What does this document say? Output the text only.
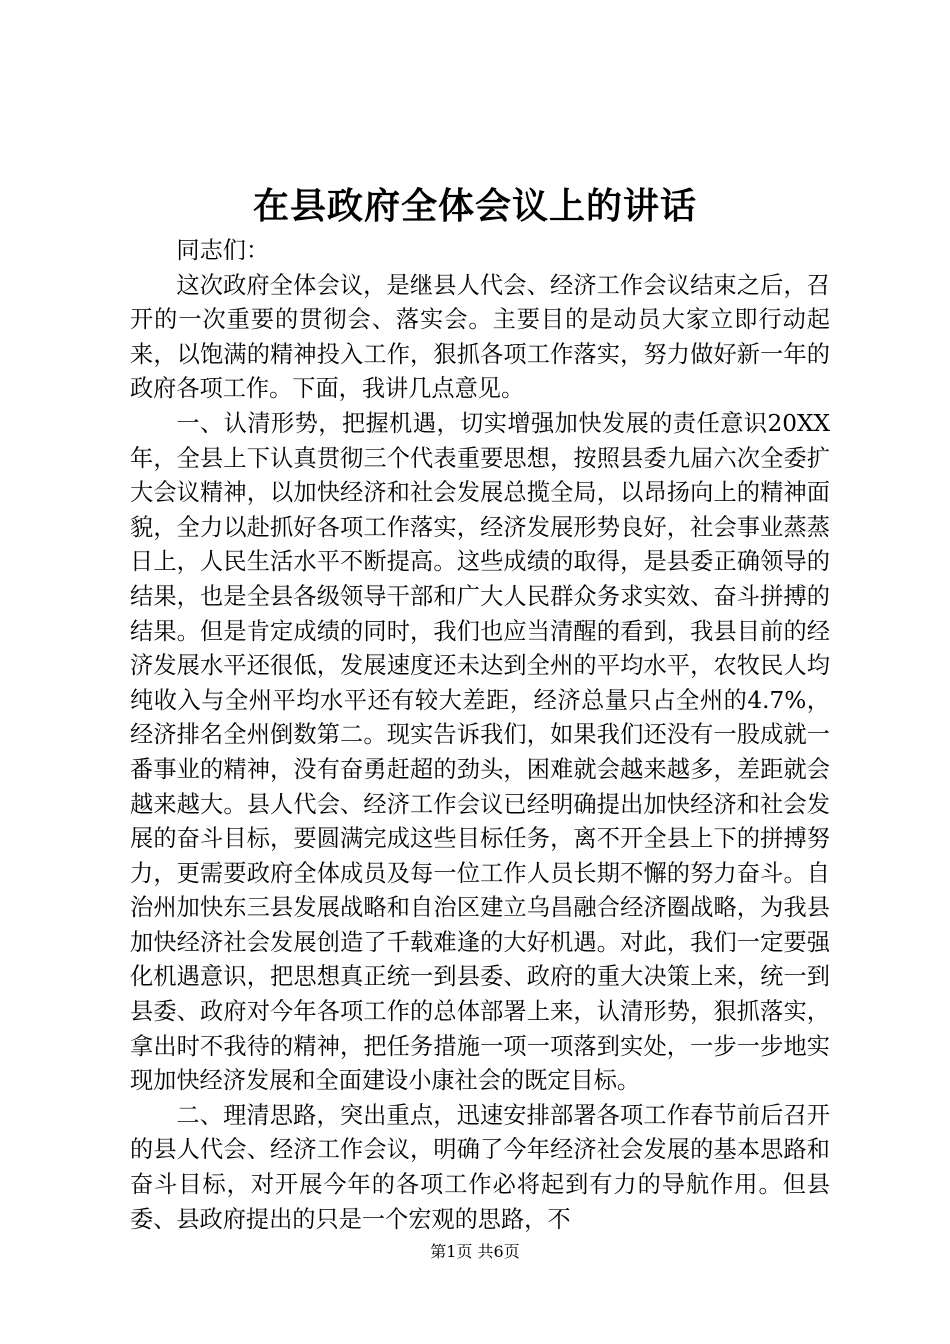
在县政府全体会议上的讲话

同志们：

这次政府全体会议，是继县人代会、经济工作会议结束之后，召开的一次重要的贯彻会、落实会。主要目的是动员大家立即行动起来，以饱满的精神投入工作，狠抓各项工作落实，努力做好新一年的政府各项工作。下面，我讲几点意见。

一、认清形势，把握机遇，切实增强加快发展的责任意识20XX年，全县上下认真贯彻三个代表重要思想，按照县委九届六次全委扩大会议精神，以加快经济和社会发展总揽全局，以昂扬向上的精神面貌，全力以赴抓好各项工作落实，经济发展形势良好，社会事业蒸蒸日上，人民生活水平不断提高。这些成绩的取得，是县委正确领导的结果，也是全县各级领导干部和广大人民群众务求实效、奋斗拼搏的结果。但是肯定成绩的同时，我们也应当清醒的看到，我县目前的经济发展水平还很低，发展速度还未达到全州的平均水平，农牧民人均纯收入与全州平均水平还有较大差距，经济总量只占全州的4.7%，经济排名全州倒数第二。现实告诉我们，如果我们还没有一股成就一番事业的精神，没有奋勇赶超的劲头，困难就会越来越多，差距就会越来越大。县人代会、经济工作会议已经明确提出加快经济和社会发展的奋斗目标，要圆满完成这些目标任务，离不开全县上下的拼搏努力，更需要政府全体成员及每一位工作人员长期不懈的努力奋斗。自治州加快东三县发展战略和自治区建立乌昌融合经济圈战略，为我县加快经济社会发展创造了千载难逢的大好机遇。对此，我们一定要强化机遇意识，把思想真正统一到县委、政府的重大决策上来，统一到县委、政府对今年各项工作的总体部署上来，认清形势，狠抓落实，拿出时不我待的精神，把任务措施一项一项落到实处，一步一步地实现加快经济发展和全面建设小康社会的既定目标。

二、理清思路，突出重点，迅速安排部署各项工作春节前后召开的县人代会、经济工作会议，明确了今年经济社会发展的基本思路和奋斗目标，对开展今年的各项工作必将起到有力的导航作用。但县委、县政府提出的只是一个宏观的思路，不

第1页 共6页
